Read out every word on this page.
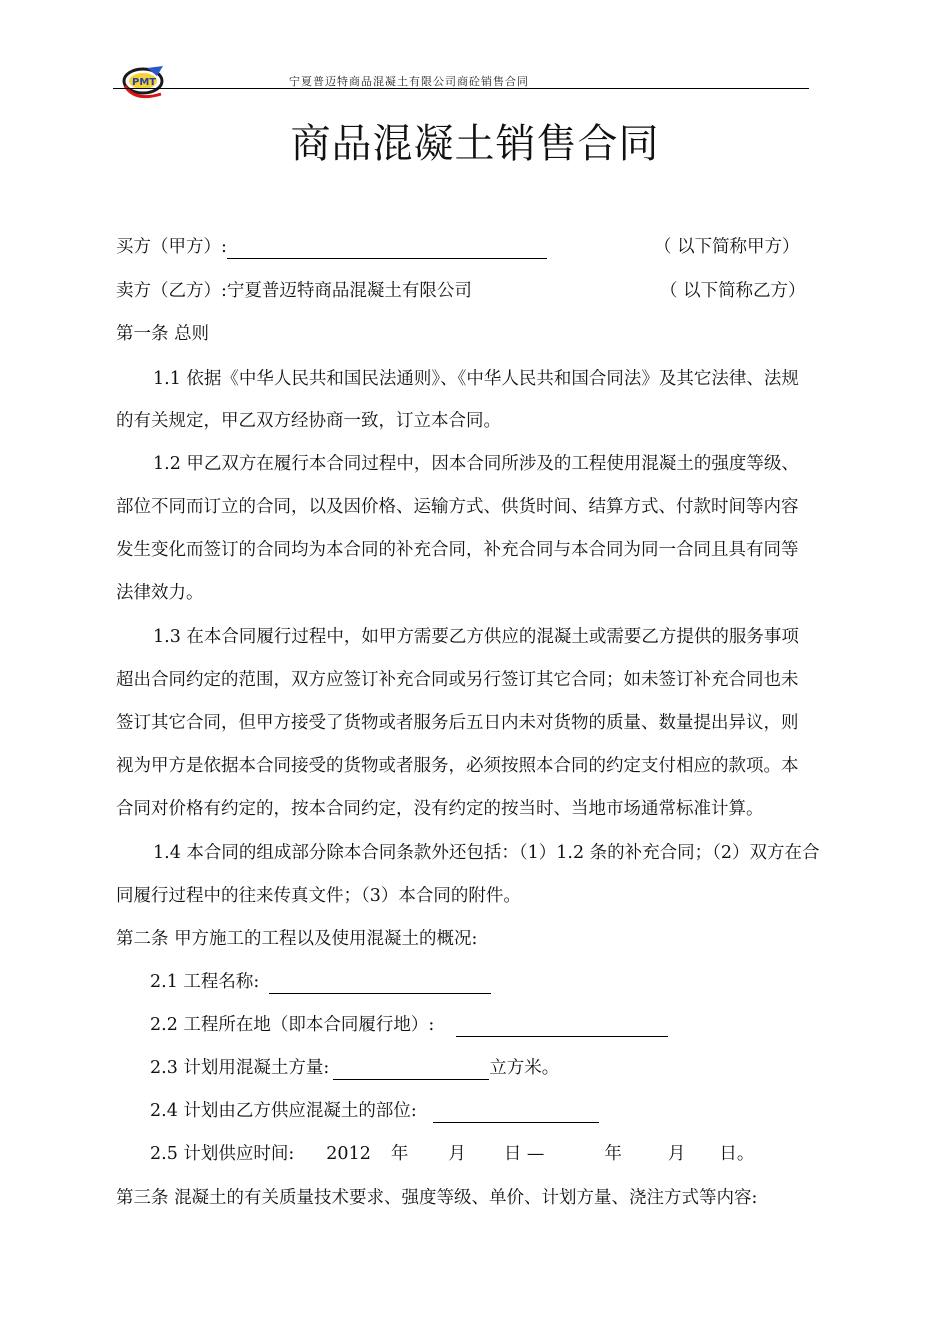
PMT	宁夏普迈特商品混凝土有限公司商砼销售合同
商品混凝土销售合同
买方（甲方）:	（ 以下简称甲方）
卖方（乙方）:宁夏普迈特商品混凝土有限公司	（ 以下简称乙方）
第一条 总则
1.1 依据《中华人民共和国民法通则》、《中华人民共和国合同法》及其它法律、法规
的有关规定，甲乙双方经协商一致，订立本合同。
1.2 甲乙双方在履行本合同过程中，因本合同所涉及的工程使用混凝土的强度等级、
部位不同而订立的合同，以及因价格、运输方式、供货时间、结算方式、付款时间等内容
发生变化而签订的合同均为本合同的补充合同，补充合同与本合同为同一合同且具有同等
法律效力。
1.3 在本合同履行过程中，如甲方需要乙方供应的混凝土或需要乙方提供的服务事项
超出合同约定的范围，双方应签订补充合同或另行签订其它合同；如未签订补充合同也未
签订其它合同，但甲方接受了货物或者服务后五日内未对货物的质量、数量提出异议，则
视为甲方是依据本合同接受的货物或者服务，必须按照本合同的约定支付相应的款项。本
合同对价格有约定的，按本合同约定，没有约定的按当时、当地市场通常标准计算。
1.4 本合同的组成部分除本合同条款外还包括：（1）1.2 条的补充合同；（2）双方在合
同履行过程中的往来传真文件；（3）本合同的附件。
第二条 甲方施工的工程以及使用混凝土的概况:
2.1 工程名称:
2.2 工程所在地（即本合同履行地）:
2.3 计划用混凝土方量:	立方米。
2.4 计划由乙方供应混凝土的部位:
2.5 计划供应时间: 2012 年 月 日 —	年	月 日。
第三条 混凝土的有关质量技术要求、强度等级、单价、计划方量、浇注方式等内容:
